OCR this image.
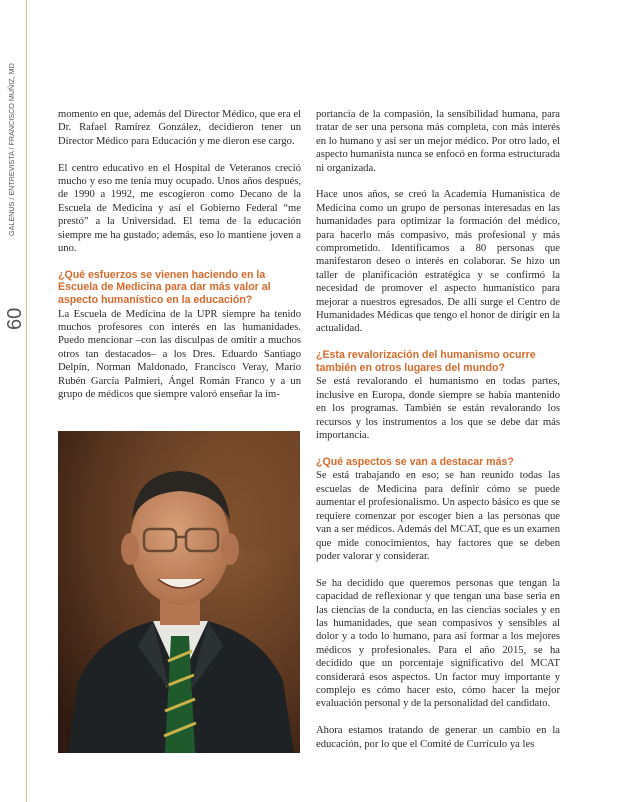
GALENUS / ENTREVISTA / FRANCISCO MUÑIZ, MD
60

momento en que, además del Director Médico, que era el Dr. Rafael Ramírez González, decidieron tener un Director Médico para Educación y me dieron ese cargo.

El centro educativo en el Hospital de Veteranos creció mucho y eso me tenía muy ocupado. Unos años después, de 1990 a 1992, me escogieron como Decano de la Escuela de Medicina y así el Gobierno Federal “me prestó” a la Universidad. El tema de la educación siempre me ha gustado; además, eso lo mantiene joven a uno.

¿Qué esfuerzos se vienen haciendo en la Escuela de Medicina para dar más valor al aspecto humanístico en la educación?

La Escuela de Medicina de la UPR siempre ha tenido muchos profesores con interés en las humanidades. Puedo mencionar –con las disculpas de omitir a muchos otros tan destacados– a los Dres. Eduardo Santiago Delpín, Norman Maldonado, Francisco Veray, Mario Rubén García Palmieri, Ángel Román Franco y a un grupo de médicos que siempre valoró enseñar la im-

portancia de la compasión, la sensibilidad humana, para tratar de ser una persona más completa, con más interés en lo humano y así ser un mejor médico. Por otro lado, el aspecto humanista nunca se enfocó en forma estructurada ni organizada.

Hace unos años, se creó la Academia Humanística de Medicina como un grupo de personas interesadas en las humanidades para optimizar la formación del médico, para hacerlo más compasivo, más profesional y más comprometido. Identificamos a 80 personas que manifestaron deseo o interés en colaborar. Se hizo un taller de planificación estratégica y se confirmó la necesidad de promover el aspecto humanístico para mejorar a nuestros egresados. De allí surge el Centro de Humanidades Médicas que tengo el honor de dirigir en la actualidad.

¿Esta revalorización del humanismo ocurre también en otros lugares del mundo?

Se está revalorando el humanismo en todas partes, inclusive en Europa, donde siempre se había mantenido en los programas. También se están revalorando los recursos y los instrumentos a los que se debe dar más importancia.

¿Qué aspectos se van a destacar más?

Se está trabajando en eso; se han reunido todas las escuelas de Medicina para definir cómo se puede aumentar el profesionalismo. Un aspecto básico es que se requiere comenzar por escoger bien a las personas que van a ser médicos. Además del MCAT, que es un examen que mide conocimientos, hay factores que se deben poder valorar y considerar.

Se ha decidido que queremos personas que tengan la capacidad de reflexionar y que tengan una base seria en las ciencias de la conducta, en las ciencias sociales y en las humanidades, que sean compasivos y sensibles al dolor y a todo lo humano, para así formar a los mejores médicos y profesionales. Para el año 2015, se ha decidido que un porcentaje significativo del MCAT considerará esos aspectos. Un factor muy importante y complejo es cómo hacer esto, cómo hacer la mejor evaluación personal y de la personalidad del candidato.

Ahora estamos tratando de generar un cambio en la educación, por lo que el Comité de Currículo ya les
